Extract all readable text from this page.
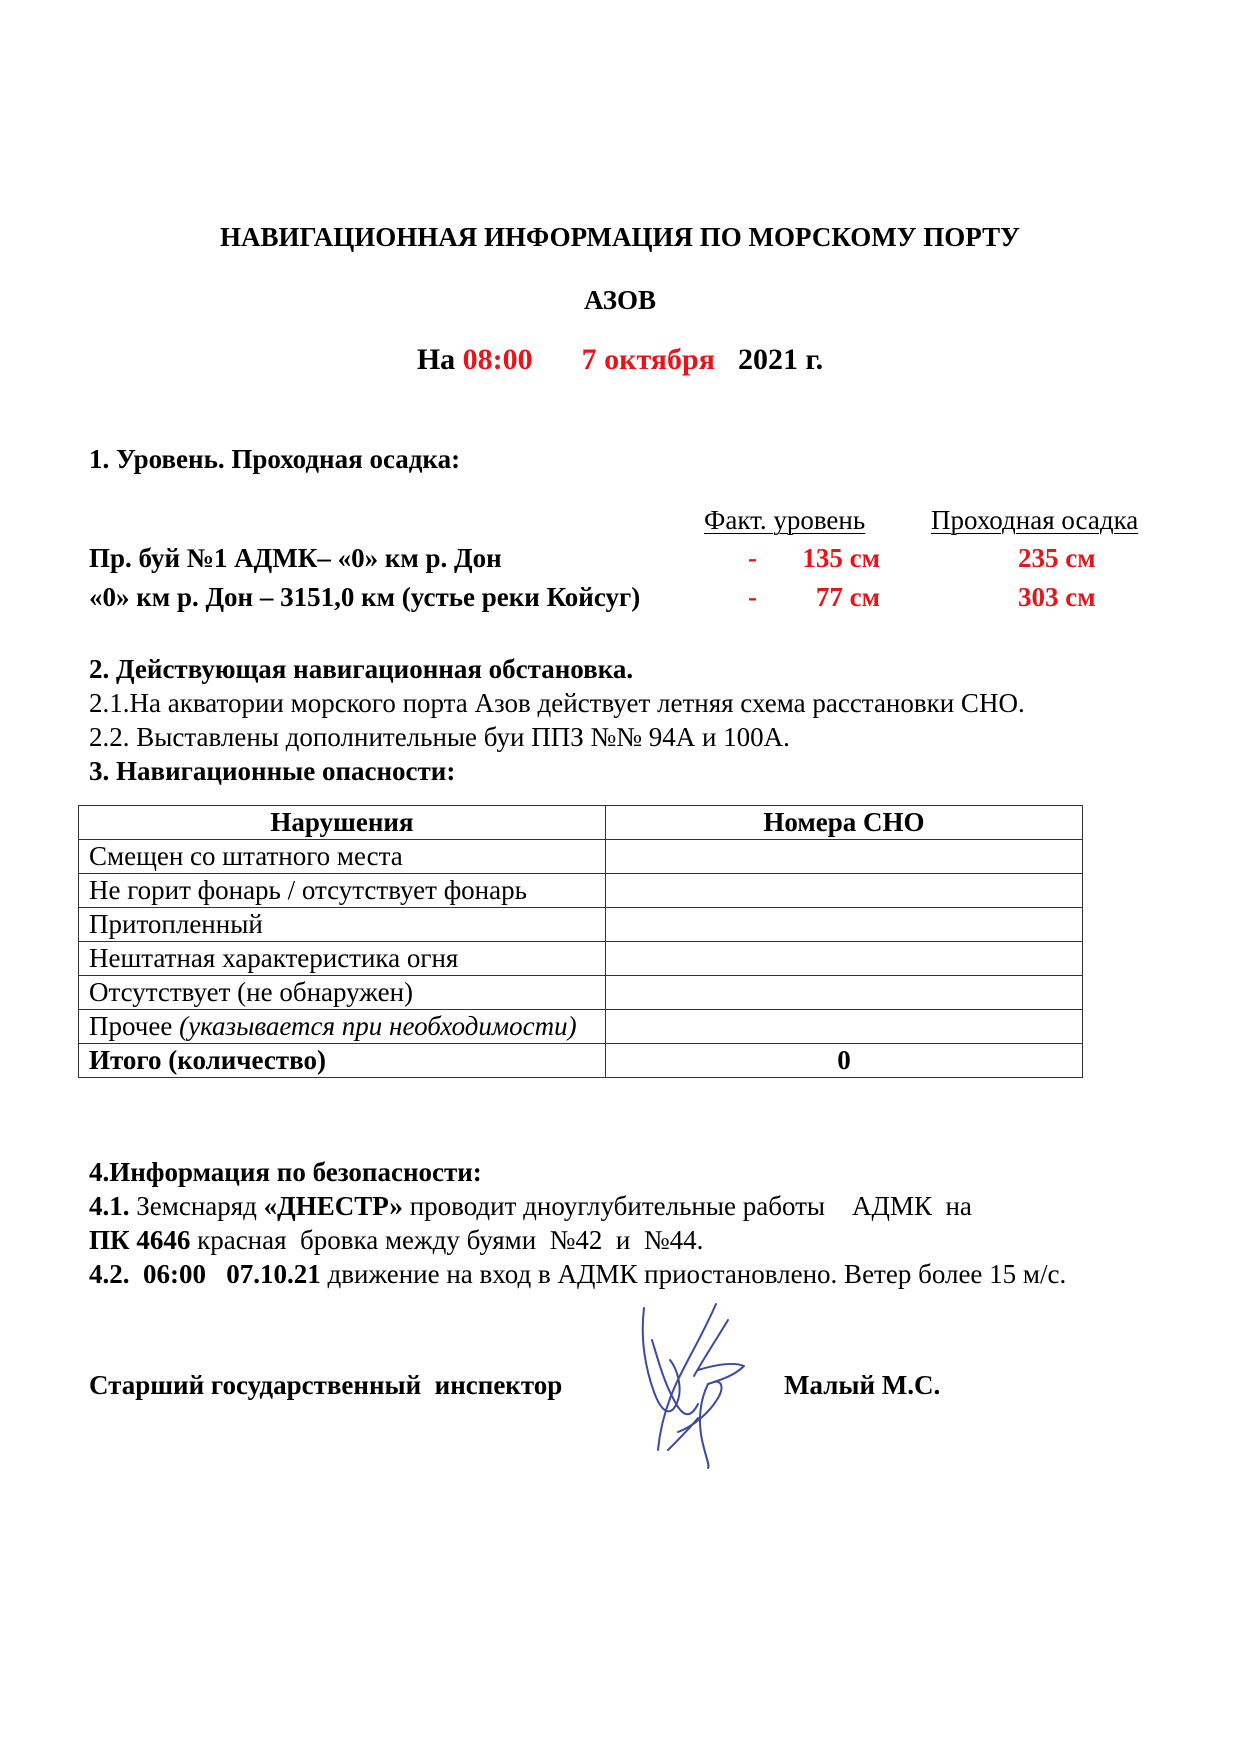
НАВИГАЦИОННАЯ ИНФОРМАЦИЯ ПО МОРСКОМУ ПОРТУ
АЗОВ
На 08:00 7 октября 2021 г.
1. Уровень. Проходная осадка:
Факт. уровень Проходная осадка
Пр. буй №1 АДМК– «0» км р. Дон	-	135 см	235 см
«0» км р. Дон – 3151,0 км (устье реки Койсуг)	-	77 см	303 см
2. Действующая навигационная обстановка.
2.1.На акватории морского порта Азов действует летняя схема расстановки СНО.
2.2. Выставлены дополнительные буи ППЗ №№ 94А и 100А.
3. Навигационные опасности:
Нарушения	Номера СНО
Смещен со штатного места	
Не горит фонарь / отсутствует фонарь	
Притопленный	
Нештатная характеристика огня	
Отсутствует (не обнаружен)	
Прочее (указывается при необходимости)	
Итого (количество)	0
4.Информация по безопасности:
4.1. Земснаряд «ДНЕСТР» проводит дноуглубительные работы    АДМК  на
ПК 4646 красная  бровка между буями  №42  и  №44.
4.2.  06:00   07.10.21 движение на вход в АДМК приостановлено. Ветер более 15 м/с.
Старший государственный  инспектор	Малый М.С.
